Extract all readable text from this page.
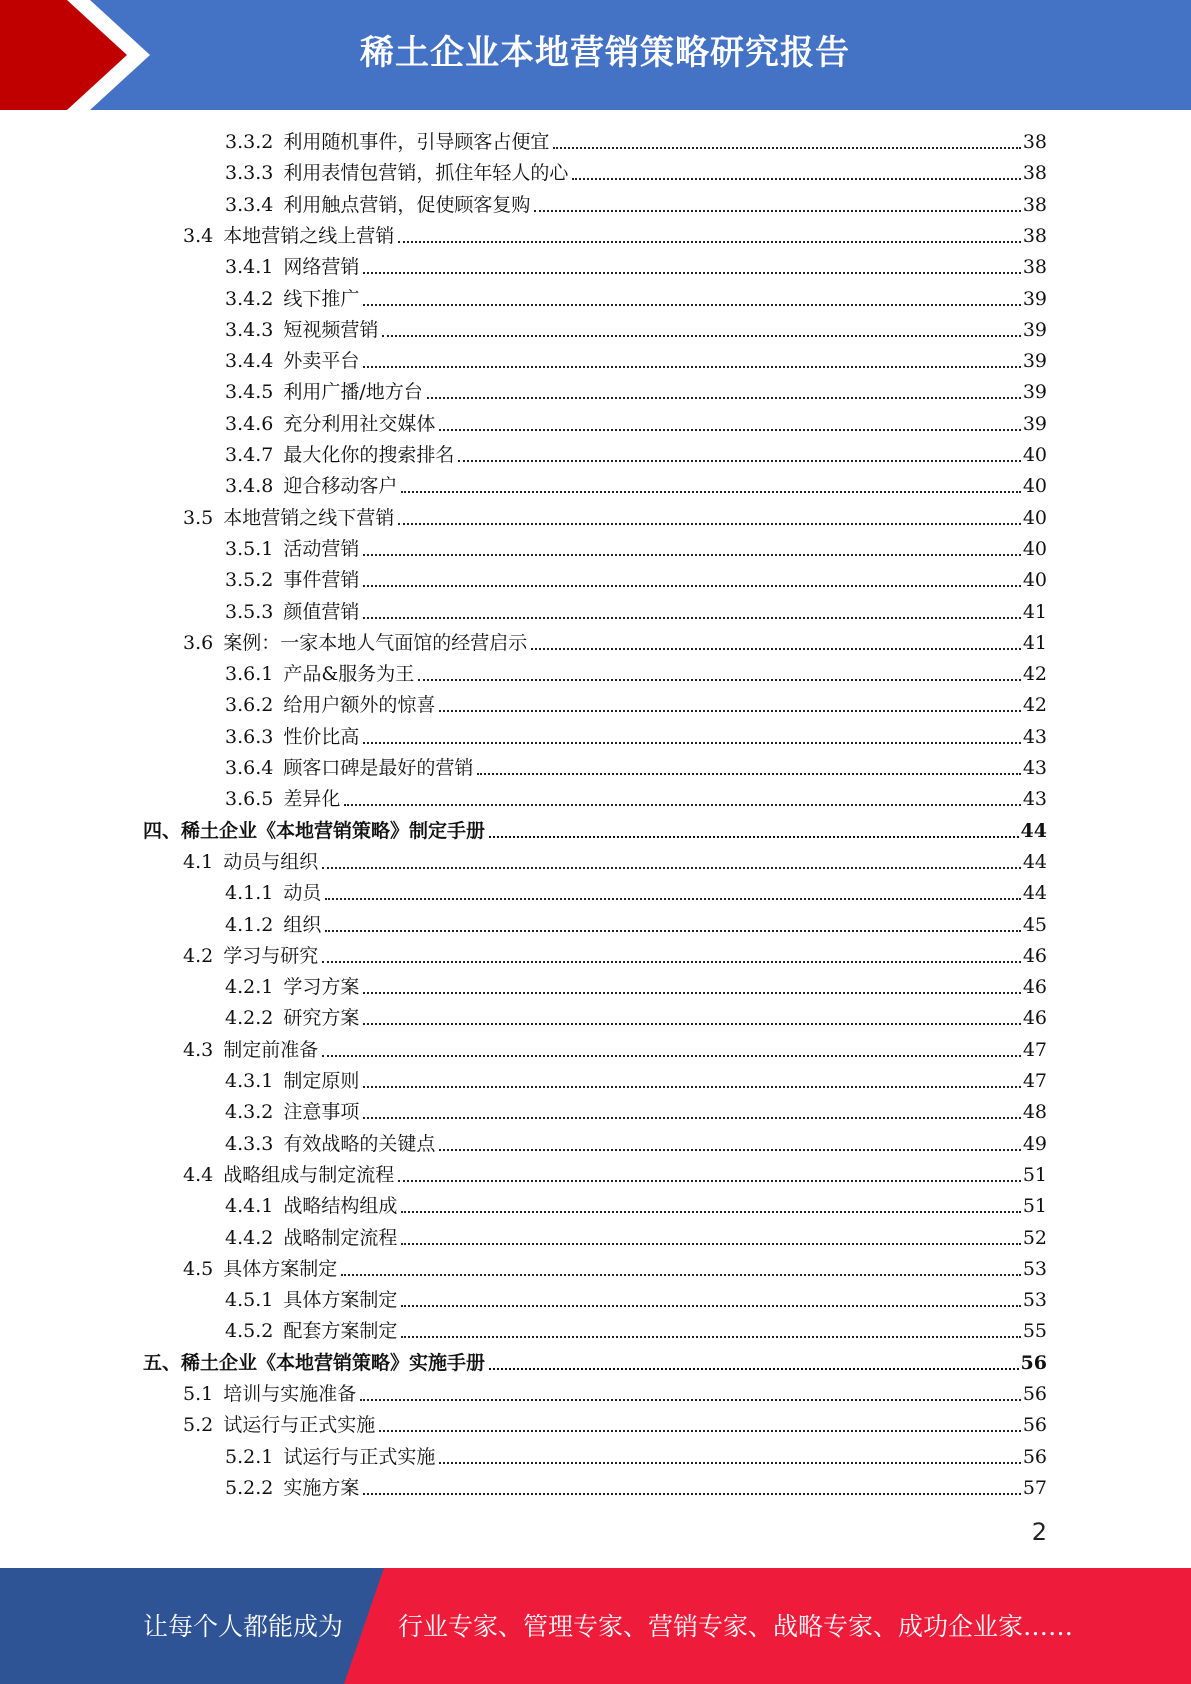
稀土企业本地营销策略研究报告
3.3.2 利用随机事件，引导顾客占便宜	38
3.3.3 利用表情包营销，抓住年轻人的心	38
3.3.4 利用触点营销，促使顾客复购	38
3.4 本地营销之线上营销	38
3.4.1 网络营销	38
3.4.2 线下推广	39
3.4.3 短视频营销	39
3.4.4 外卖平台	39
3.4.5 利用广播/地方台	39
3.4.6 充分利用社交媒体	39
3.4.7 最大化你的搜索排名	40
3.4.8 迎合移动客户	40
3.5 本地营销之线下营销	40
3.5.1 活动营销	40
3.5.2 事件营销	40
3.5.3 颜值营销	41
3.6 案例：一家本地人气面馆的经营启示	41
3.6.1 产品&服务为王	42
3.6.2 给用户额外的惊喜	42
3.6.3 性价比高	43
3.6.4 顾客口碑是最好的营销	43
3.6.5 差异化	43
四、稀土企业《本地营销策略》制定手册	44
4.1 动员与组织	44
4.1.1 动员	44
4.1.2 组织	45
4.2 学习与研究	46
4.2.1 学习方案	46
4.2.2 研究方案	46
4.3 制定前准备	47
4.3.1 制定原则	47
4.3.2 注意事项	48
4.3.3 有效战略的关键点	49
4.4 战略组成与制定流程	51
4.4.1 战略结构组成	51
4.4.2 战略制定流程	52
4.5 具体方案制定	53
4.5.1 具体方案制定	53
4.5.2 配套方案制定	55
五、稀土企业《本地营销策略》实施手册	56
5.1 培训与实施准备	56
5.2 试运行与正式实施	56
5.2.1 试运行与正式实施	56
5.2.2 实施方案	57
2
让每个人都能成为 行业专家、管理专家、营销专家、战略专家、成功企业家……
